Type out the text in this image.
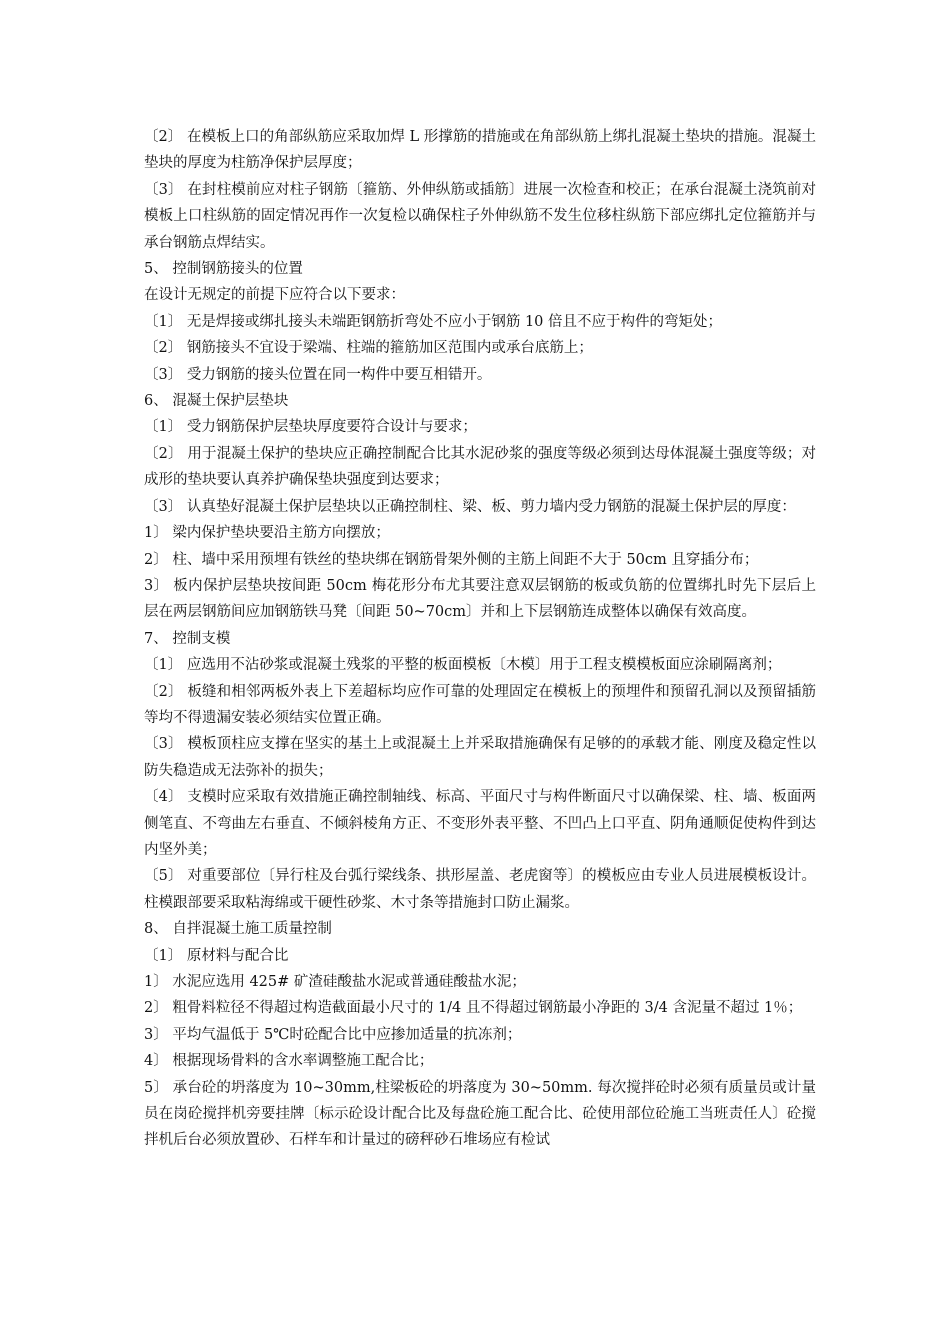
〔2〕 在模板上口的角部纵筋应采取加焊 L 形撑筋的措施或在角部纵筋上绑扎混凝土垫块的措施。混凝土垫块的厚度为柱筋净保护层厚度；

〔3〕 在封柱模前应对柱子钢筋〔箍筋、外伸纵筋或插筋〕进展一次检查和校正；在承台混凝土浇筑前对模板上口柱纵筋的固定情况再作一次复检以确保柱子外伸纵筋不发生位移柱纵筋下部应绑扎定位箍筋并与承台钢筋点焊结实。

5、 控制钢筋接头的位置

在设计无规定的前提下应符合以下要求：

〔1〕 无是焊接或绑扎接头未端距钢筋折弯处不应小于钢筋 10 倍且不应于构件的弯矩处；

〔2〕 钢筋接头不宜设于梁端、柱端的箍筋加区范围内或承台底筋上；

〔3〕 受力钢筋的接头位置在同一构件中要互相错开。

6、 混凝土保护层垫块

〔1〕 受力钢筋保护层垫块厚度要符合设计与要求；

〔2〕 用于混凝土保护的垫块应正确控制配合比其水泥砂浆的强度等级必须到达母体混凝土强度等级；对成形的垫块要认真养护确保垫块强度到达要求；

〔3〕 认真垫好混凝土保护层垫块以正确控制柱、梁、板、剪力墙内受力钢筋的混凝土保护层的厚度：

1〕 梁内保护垫块要沿主筋方向摆放；

2〕 柱、墙中采用预埋有铁丝的垫块绑在钢筋骨架外侧的主筋上间距不大于 50cm 且穿插分布；

3〕 板内保护层垫块按间距 50cm 梅花形分布尤其要注意双层钢筋的板或负筋的位置绑扎时先下层后上层在两层钢筋间应加钢筋铁马凳〔间距 50~70cm〕并和上下层钢筋连成整体以确保有效高度。

7、 控制支模

〔1〕 应选用不沾砂浆或混凝土残浆的平整的板面模板〔木模〕用于工程支模模板面应涂刷隔离剂；

〔2〕 板缝和相邻两板外表上下差超标均应作可靠的处理固定在模板上的预埋件和预留孔洞以及预留插筋等均不得遗漏安装必须结实位置正确。

〔3〕 模板顶柱应支撑在坚实的基土上或混凝土上并采取措施确保有足够的的承载才能、刚度及稳定性以防失稳造成无法弥补的损失；

〔4〕 支模时应采取有效措施正确控制轴线、标高、平面尺寸与构件断面尺寸以确保梁、柱、墙、板面两侧笔直、不弯曲左右垂直、不倾斜棱角方正、不变形外表平整、不凹凸上口平直、阴角通顺促使构件到达内坚外美；

〔5〕 对重要部位〔异行柱及台弧行梁线条、拱形屋盖、老虎窗等〕的模板应由专业人员进展模板设计。柱模跟部要采取粘海绵或干硬性砂浆、木寸条等措施封口防止漏浆。

8、 自拌混凝土施工质量控制

〔1〕 原材料与配合比

1〕 水泥应选用 425# 矿渣硅酸盐水泥或普通硅酸盐水泥；

2〕 粗骨料粒径不得超过构造截面最小尺寸的 1/4 且不得超过钢筋最小净距的 3/4 含泥量不超过 1％；

3〕 平均气温低于 5℃时砼配合比中应掺加适量的抗冻剂；

4〕 根据现场骨料的含水率调整施工配合比；

5〕 承台砼的坍落度为 10~30mm,柱梁板砼的坍落度为 30~50mm. 每次搅拌砼时必须有质量员或计量员在岗砼搅拌机旁要挂牌〔标示砼设计配合比及每盘砼施工配合比、砼使用部位砼施工当班责任人〕砼搅拌机后台必须放置砂、石样车和计量过的磅秤砂石堆场应有检试
